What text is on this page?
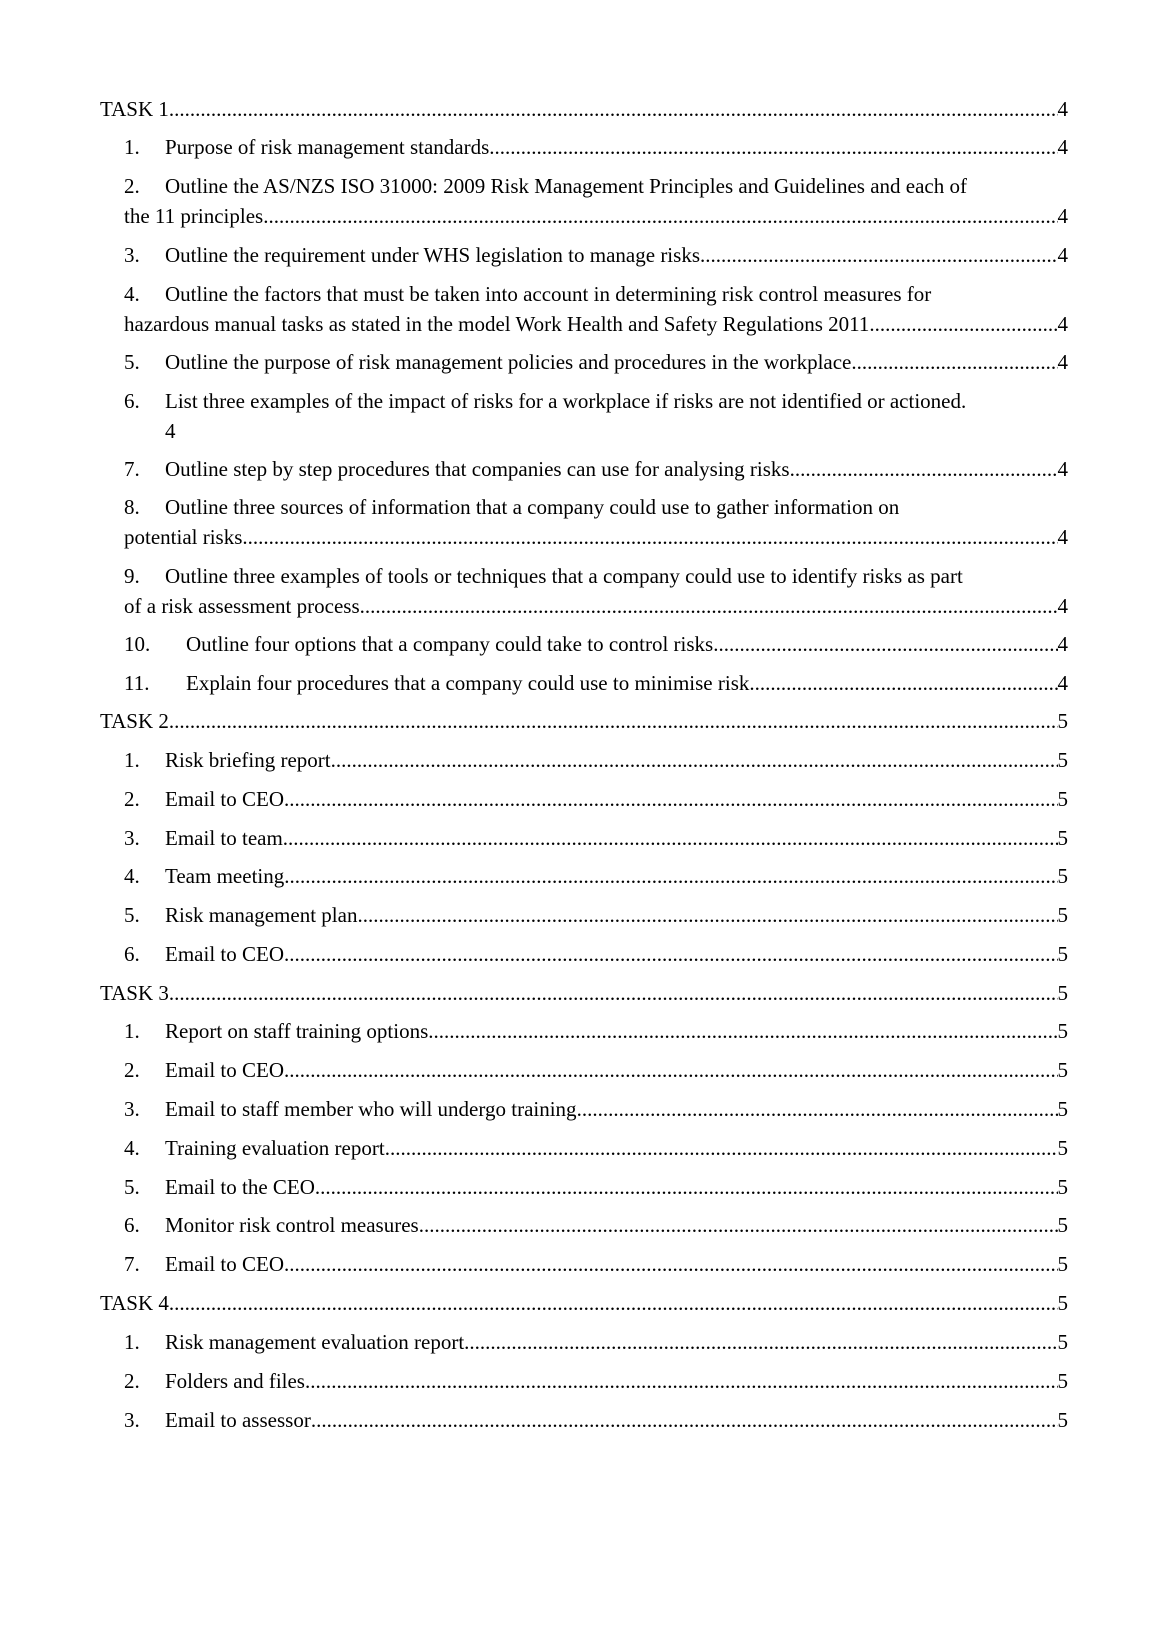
TASK 1 .....	4
1.	Purpose of risk management standards .....	4
2.	Outline the AS/NZS ISO 31000: 2009 Risk Management Principles and Guidelines and each of
the 11 principles .....	4
3.	Outline the requirement under WHS legislation to manage risks .....	4
4.	Outline the factors that must be taken into account in determining risk control measures for
hazardous manual tasks as stated in the model Work Health and Safety Regulations 2011 .....	4
5.	Outline the purpose of risk management policies and procedures in the workplace .....	4
6.	List three examples of the impact of risks for a workplace if risks are not identified or actioned.
4
7.	Outline step by step procedures that companies can use for analysing risks .....	4
8.	Outline three sources of information that a company could use to gather information on
potential risks .....	4
9.	Outline three examples of tools or techniques that a company could use to identify risks as part
of a risk assessment process .....	4
10.	Outline four options that a company could take to control risks .....	4
11.	Explain four procedures that a company could use to minimise risk .....	4
TASK 2 .....	5
1.	Risk briefing report .....	5
2.	Email to CEO .....	5
3.	Email to team .....	5
4.	Team meeting .....	5
5.	Risk management plan .....	5
6.	Email to CEO .....	5
TASK 3 .....	5
1.	Report on staff training options .....	5
2.	Email to CEO .....	5
3.	Email to staff member who will undergo training .....	5
4.	Training evaluation report .....	5
5.	Email to the CEO .....	5
6.	Monitor risk control measures .....	5
7.	Email to CEO .....	5
TASK 4 .....	5
1.	Risk management evaluation report .....	5
2.	Folders and files .....	5
3.	Email to assessor .....	5
